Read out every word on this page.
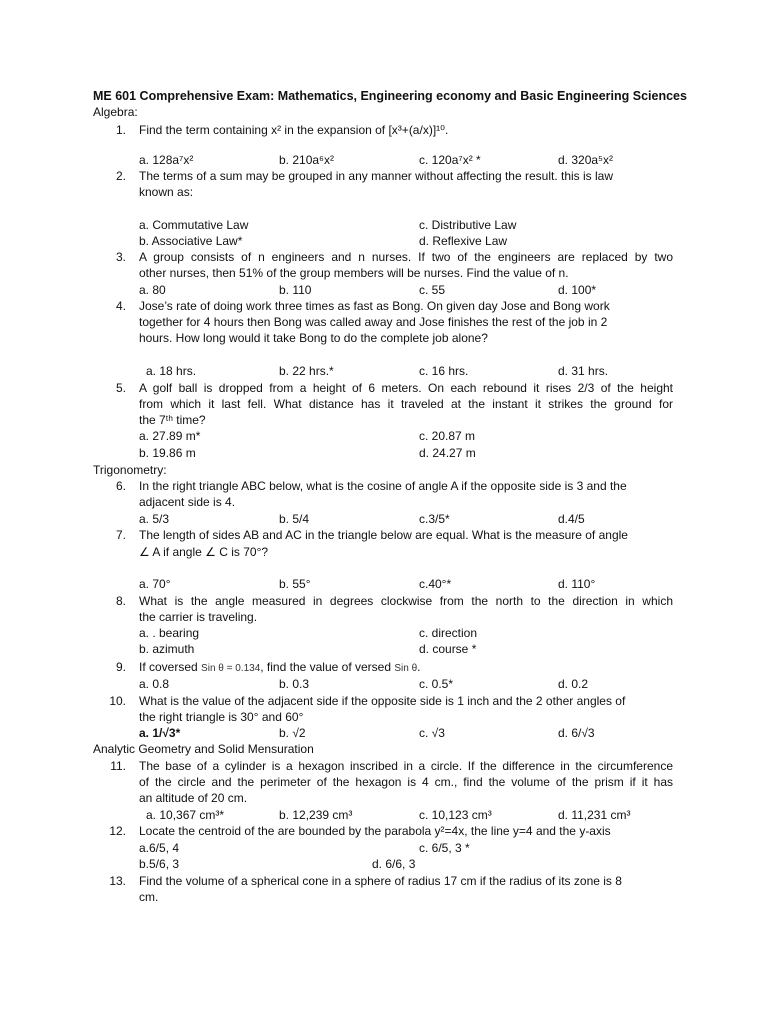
ME 601 Comprehensive Exam: Mathematics, Engineering economy and Basic Engineering Sciences
Algebra:
1. Find the term containing x² in the expansion of [x³+(a/x)]¹⁰.
a. 128a⁷x²	b. 210a⁶x²	c. 120a⁷x² *	d. 320a⁵x²
2. The terms of a sum may be grouped in any manner without affecting the result. this is law
known as:
a. Commutative Law	c. Distributive Law
b. Associative Law*	d. Reflexive Law
3. A group consists of n engineers and n nurses. If two of the engineers are replaced by two
other nurses, then 51% of the group members will be nurses. Find the value of n.
a. 80	b. 110	c. 55	d. 100*
4. Jose’s rate of doing work three times as fast as Bong. On given day Jose and Bong work
together for 4 hours then Bong was called away and Jose finishes the rest of the job in 2
hours. How long would it take Bong to do the complete job alone?
a. 18 hrs.	b. 22 hrs.*	c. 16 hrs.	d. 31 hrs.
5. A golf ball is dropped from a height of 6 meters. On each rebound it rises 2/3 of the height
from which it last fell. What distance has it traveled at the instant it strikes the ground for
the 7ᵗʰ time?
a. 27.89 m*	c. 20.87 m
b. 19.86 m	d. 24.27 m
Trigonometry:
6. In the right triangle ABC below, what is the cosine of angle A if the opposite side is 3 and the
adjacent side is 4.
a. 5/3	b. 5/4	c.3/5*	d.4/5
7. The length of sides AB and AC in the triangle below are equal. What is the measure of angle
∠ A if angle ∠ C is 70°?
a. 70°	b. 55°	c.40°*	d. 110°
8. What is the angle measured in degrees clockwise from the north to the direction in which
the carrier is traveling.
a. . bearing	c. direction
b. azimuth	d. course *
9. If coversed Sin θ = 0.134, find the value of versed Sin θ.
a. 0.8	b. 0.3	c. 0.5*	d. 0.2
10. What is the value of the adjacent side if the opposite side is 1 inch and the 2 other angles of
the right triangle is 30° and 60°
a. 1/√3*	b. √2	c. √3	d. 6/√3
Analytic Geometry and Solid Mensuration
11. The base of a cylinder is a hexagon inscribed in a circle. If the difference in the circumference
of the circle and the perimeter of the hexagon is 4 cm., find the volume of the prism if it has
an altitude of 20 cm.
a. 10,367 cm³*	b. 12,239 cm³	c. 10,123 cm³	d. 11,231 cm³
12. Locate the centroid of the are bounded by the parabola y²=4x, the line y=4 and the y-axis
a.6/5, 4	c. 6/5, 3 *
b.5/6, 3	d. 6/6, 3
13. Find the volume of a spherical cone in a sphere of radius 17 cm if the radius of its zone is 8
cm.
